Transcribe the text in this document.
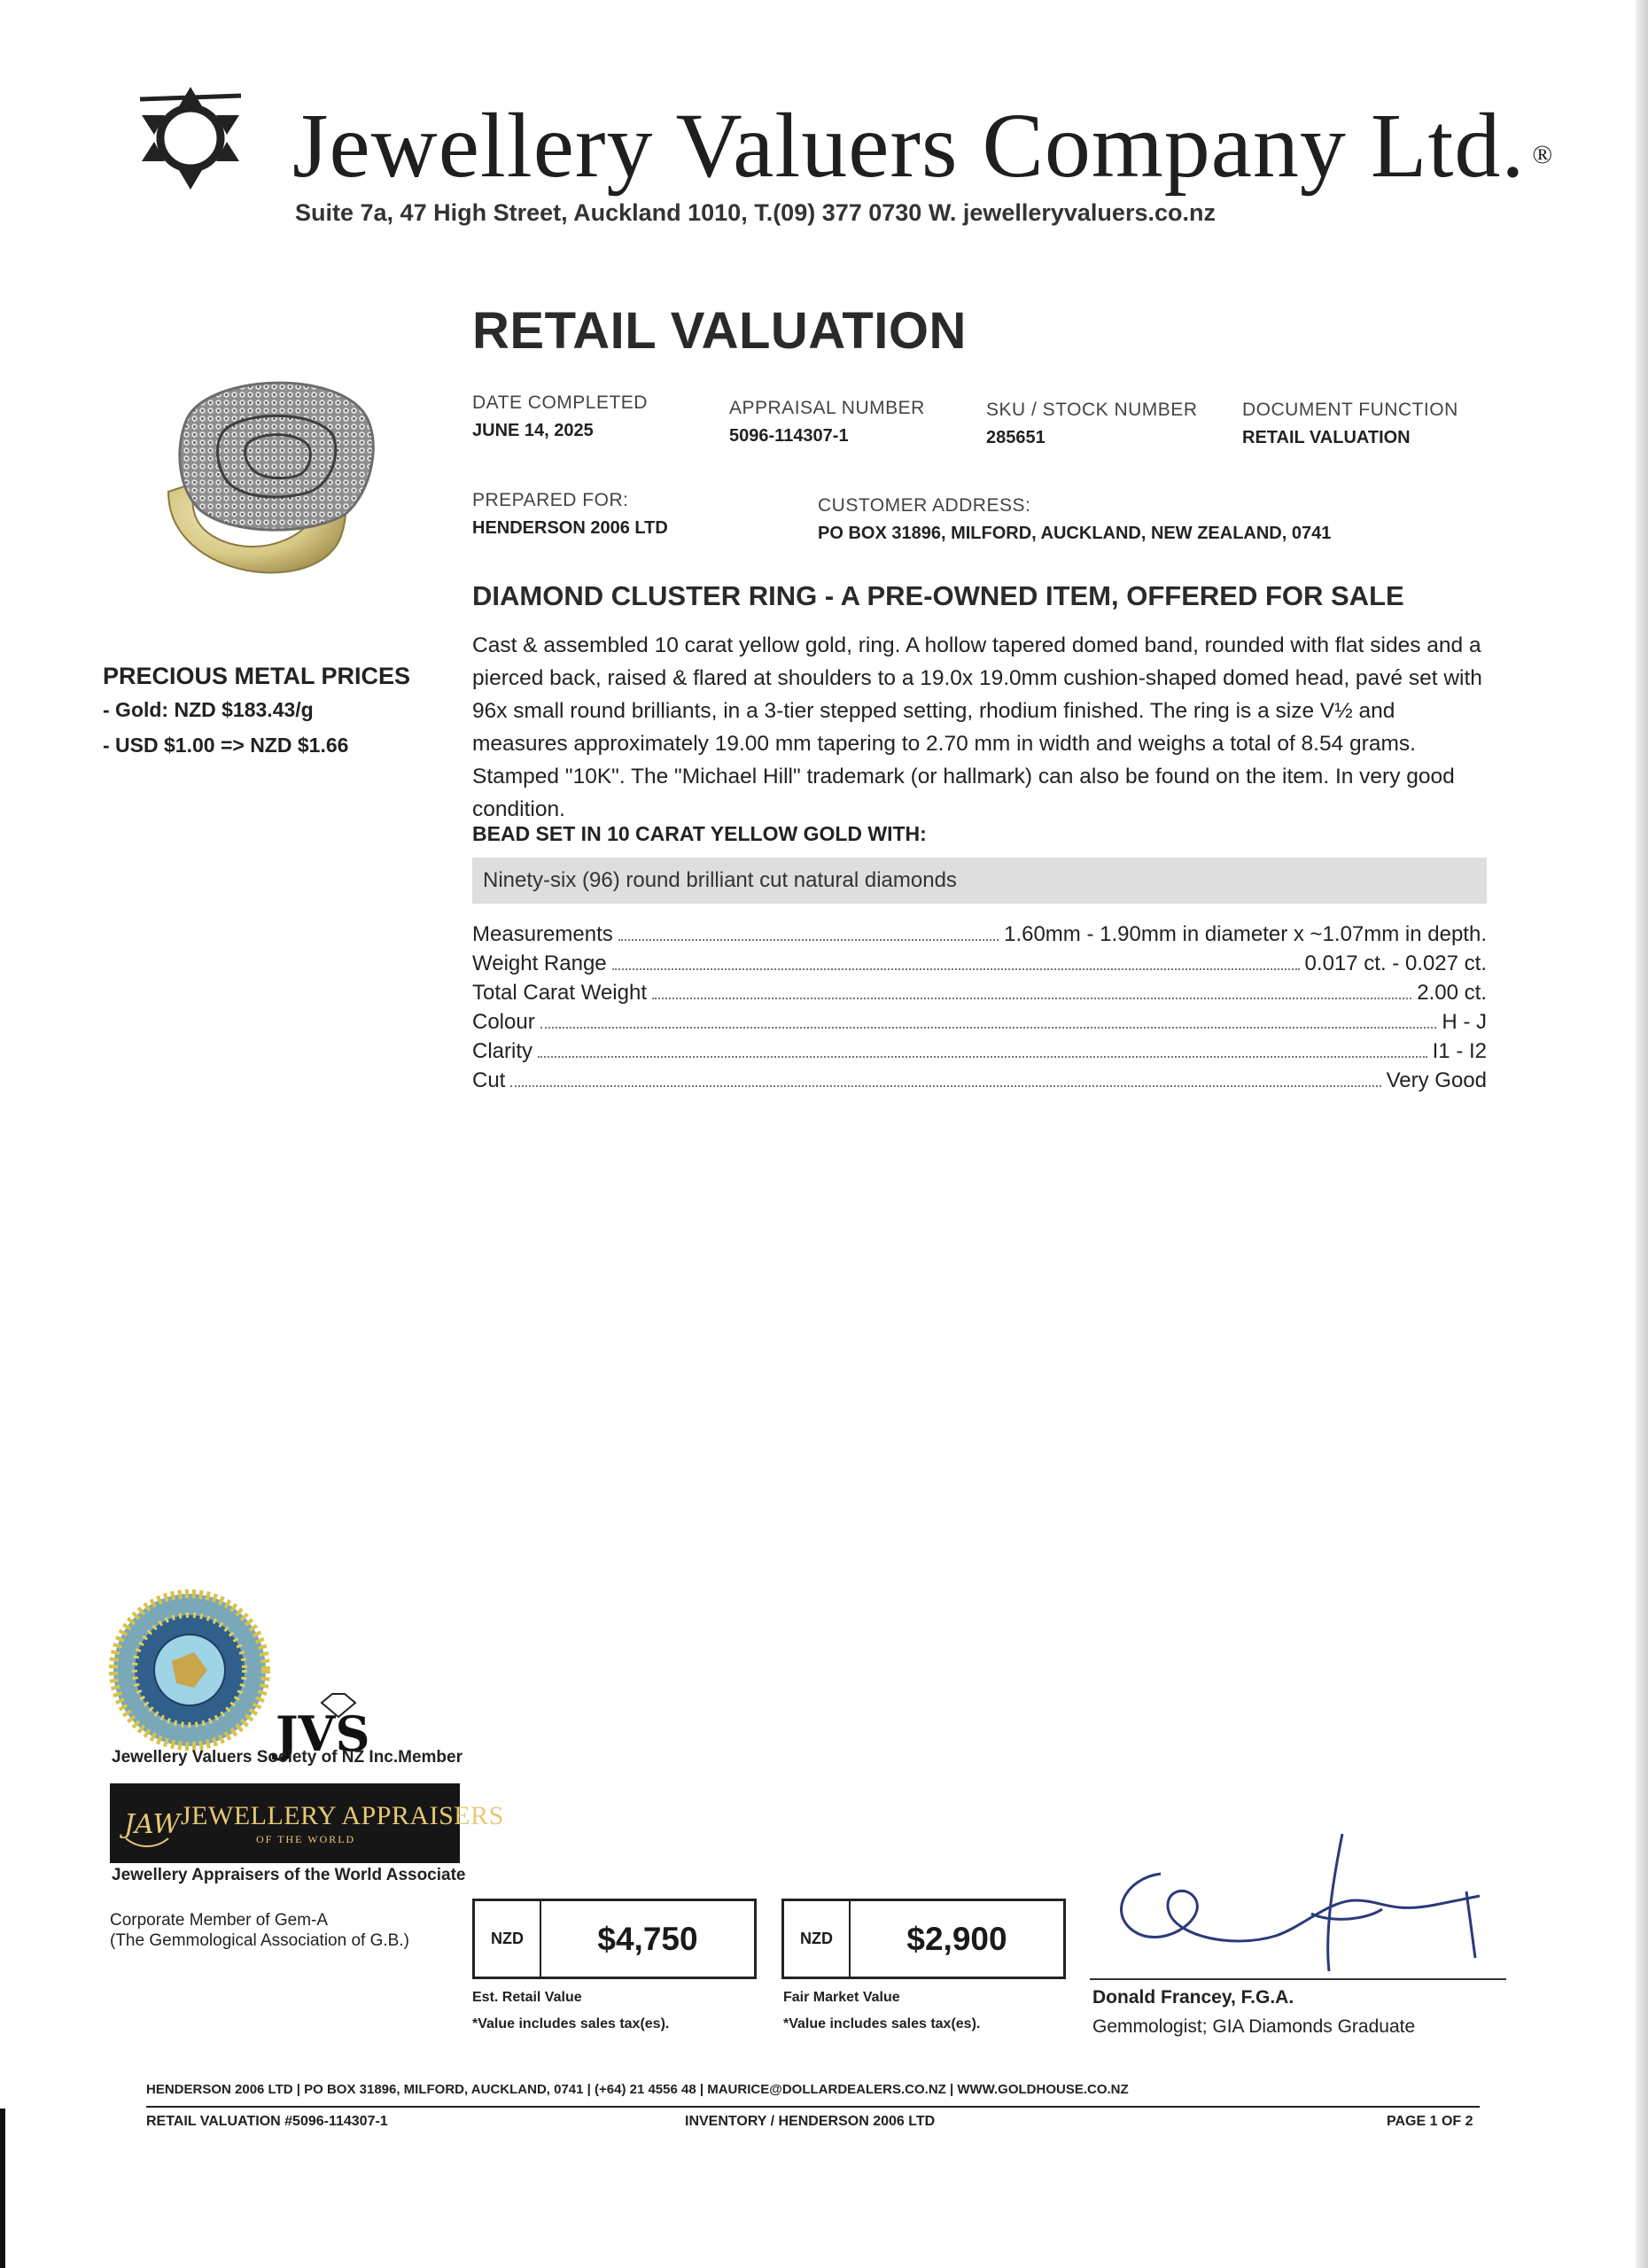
Jewellery Valuers Company Ltd. ®
Suite 7a, 47 High Street, Auckland 1010, T.(09) 377 0730 W. jewelleryvaluers.co.nz
RETAIL VALUATION
DATE COMPLETED
JUNE 14, 2025
APPRAISAL NUMBER
5096-114307-1
SKU / STOCK NUMBER
285651
DOCUMENT FUNCTION
RETAIL VALUATION
PREPARED FOR:
HENDERSON 2006 LTD
CUSTOMER ADDRESS:
PO BOX 31896, MILFORD, AUCKLAND, NEW ZEALAND, 0741
PRECIOUS METAL PRICES
- Gold: NZD $183.43/g
- USD $1.00 => NZD $1.66
DIAMOND CLUSTER RING - A PRE-OWNED ITEM, OFFERED FOR SALE
Cast & assembled 10 carat yellow gold, ring. A hollow tapered domed band, rounded with flat sides and a pierced back, raised & flared at shoulders to a 19.0x 19.0mm cushion-shaped domed head, pavé set with 96x small round brilliants, in a 3-tier stepped setting, rhodium finished. The ring is a size V½ and measures approximately 19.00 mm tapering to 2.70 mm in width and weighs a total of 8.54 grams. Stamped "10K". The "Michael Hill" trademark (or hallmark) can also be found on the item. In very good condition.
BEAD SET IN 10 CARAT YELLOW GOLD WITH:
Ninety-six (96) round brilliant cut natural diamonds
Measurements	1.60mm - 1.90mm in diameter x ~1.07mm in depth.
Weight Range	0.017 ct. - 0.027 ct.
Total Carat Weight	2.00 ct.
Colour	H - J
Clarity	I1 - I2
Cut	Very Good
JVS
Jewellery Valuers Society of NZ Inc.Member
JAW JEWELLERY APPRAISERS
OF THE WORLD
Jewellery Appraisers of the World Associate
Corporate Member of Gem-A
(The Gemmological Association of G.B.)	NZD	$4,750
Est. Retail Value
*Value includes sales tax(es).
NZD	$2,900
Fair Market Value
*Value includes sales tax(es).
Donald Francey, F.G.A.
Gemmologist; GIA Diamonds Graduate
HENDERSON 2006 LTD | PO BOX 31896, MILFORD, AUCKLAND, 0741 | (+64) 21 4556 48 | MAURICE@DOLLARDEALERS.CO.NZ | WWW.GOLDHOUSE.CO.NZ
RETAIL VALUATION #5096-114307-1	INVENTORY / HENDERSON 2006 LTD	PAGE 1 OF 2
